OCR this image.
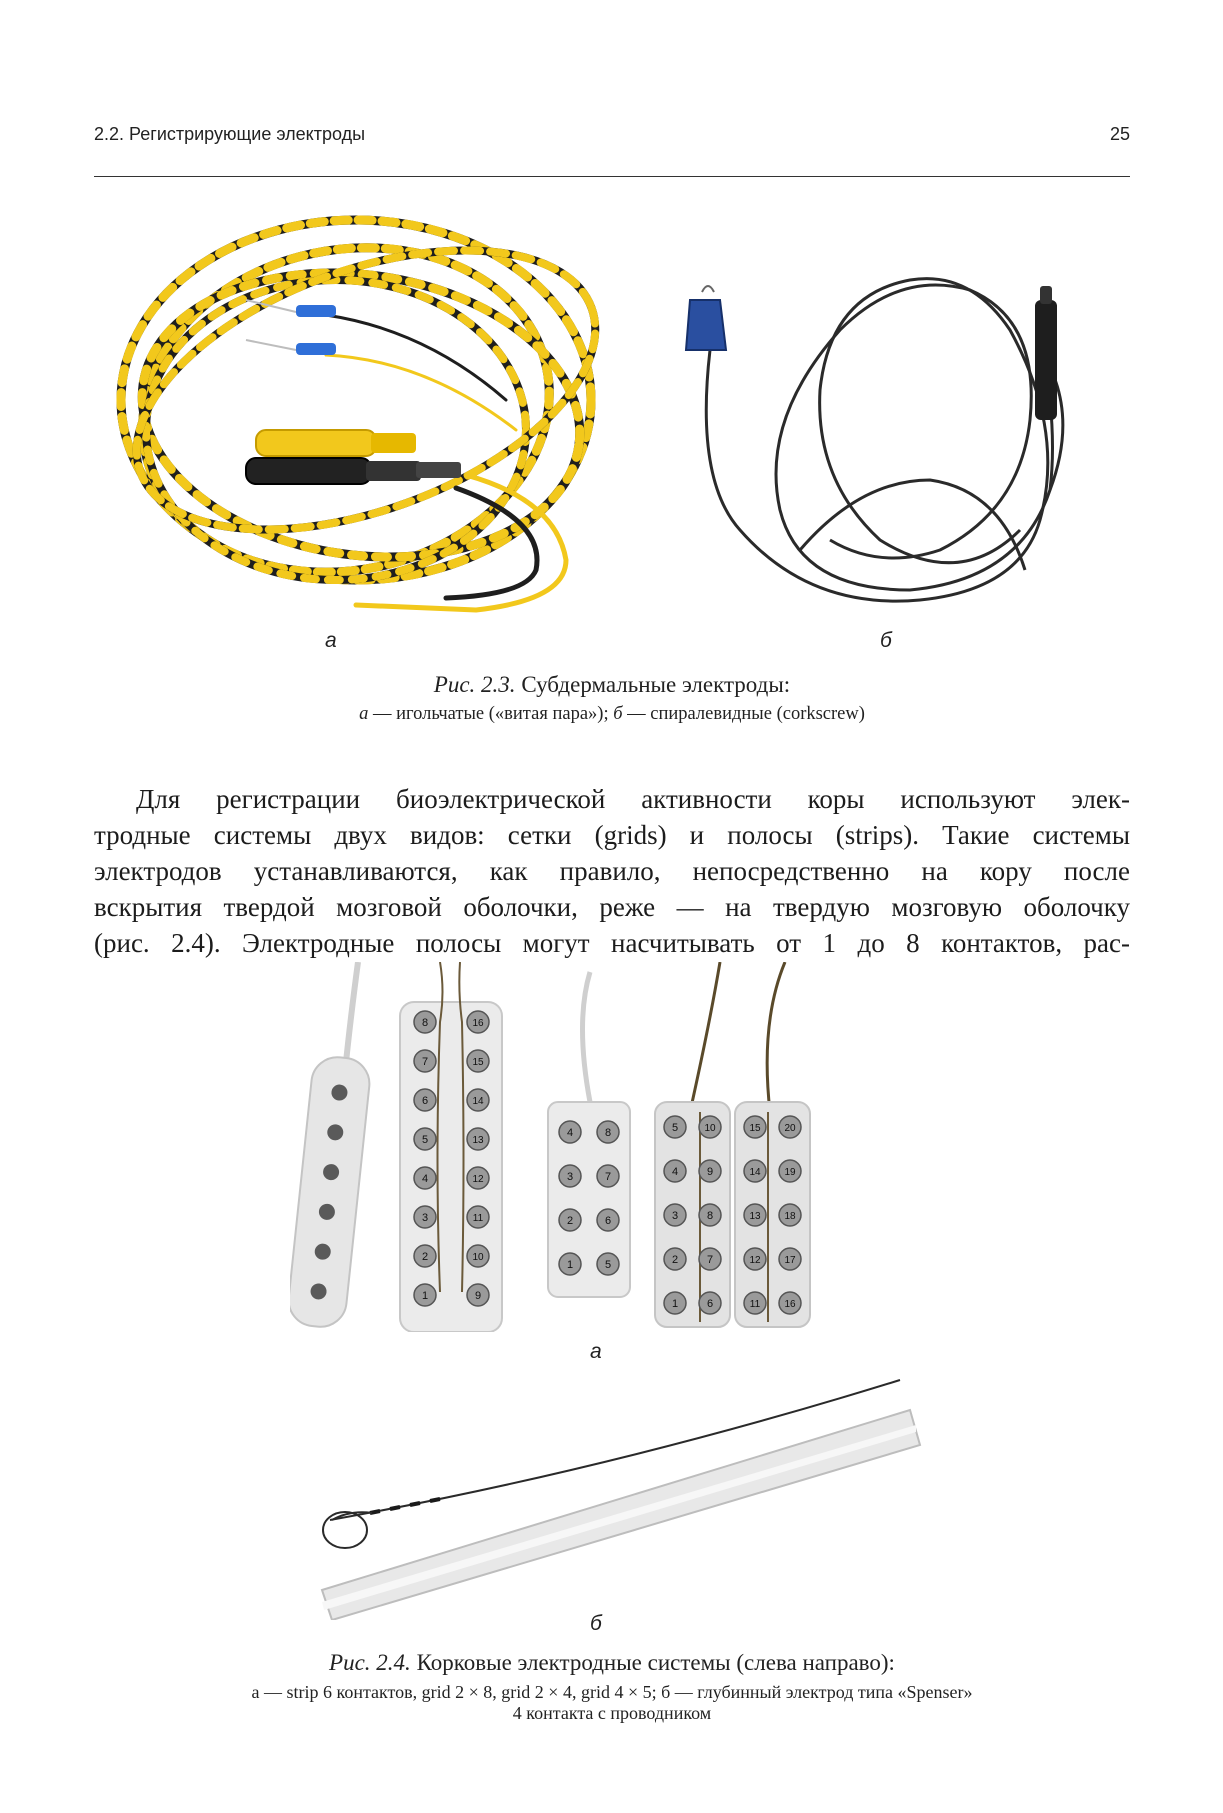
2.2. Регистрирующие электроды	25
а	б
Рис. 2.3. Субдермальные электроды:
а — игольчатые («витая пара»); б — спиралевидные (corkscrew)

Для регистрации биоэлектрической активности коры используют элек-

тродные системы двух видов: сетки (grids) и полосы (strips). Такие системы

электродов устанавливаются, как правило, непосредственно на кору после

вскрытия твердой мозговой оболочки, реже — на твердую мозговую оболочку

(рис. 2.4). Электродные полосы могут насчитывать от 1 до 8 контактов, рас-

8
7
6
5
4
3
2
1
16
15
14
13
12
11
10
9
4
3
2
1
8
7
6
5
5	10	15 20
4	9	14 19
3	8	13 18
2	7	12 17
1	6	11 16
а
б
Рис. 2.4. Корковые электродные системы (слева направо):
а — strip 6 контактов, grid 2 × 8, grid 2 × 4, grid 4 × 5; б — глубинный электрод типа «Spenser»
4 контакта с проводником
